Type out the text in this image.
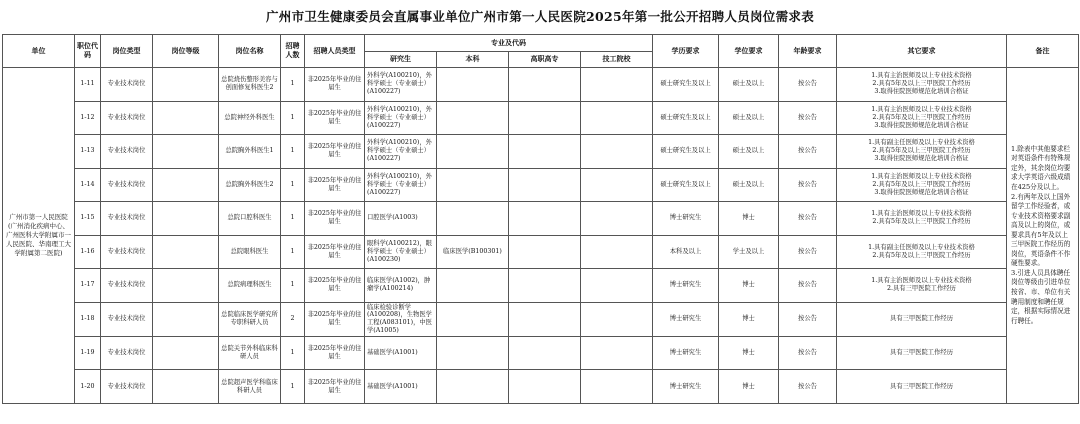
广州市卫生健康委员会直属事业单位广州市第一人民医院2025年第一批公开招聘人员岗位需求表
单位	职位代码	岗位类型	岗位等级	岗位名称	招聘人数	招聘人员类型	专业及代码				学历要求	学位要求	年龄要求	其它要求	备注
							研究生	本科	高职高专	技工院校					
广州市第一人民医院(广州消化疾病中心、广州医科大学附属市一人民医院、华南理工大学附属第二医院)	1-11	专业技术岗位		总院烧伤整形美容与创面修复科医生2	1	非2025年毕业的往届生	外科学(A100210)，外科学硕士（专业硕士）(A100227)				硕士研究生及以上	硕士及以上	按公告	1.具有主治医师及以上专业技术资格
2.具有5年及以上三甲医院工作经历
3.取得住院医师规范化培训合格证	1.除表中其他要求栏对英语条件有特殊规定外，其余岗位均要求大学英语六级成绩在425分及以上。
2.有两年及以上国外留学工作经验者，或专业技术资格要求副高及以上的岗位，或要求具有5年及以上三甲医院工作经历的岗位，英语条件不作硬性要求。
3.引进人员具体聘任岗位等级由引进单位按省、市、单位有关聘用制度和聘任规定，根据实际情况进行聘任。

	1-12	专业技术岗位		总院神经外科医生	1	非2025年毕业的往届生	外科学(A100210)，外科学硕士（专业硕士）(A100227)				硕士研究生及以上	硕士及以上	按公告	1.具有主治医师及以上专业技术资格
2.具有5年及以上三甲医院工作经历
3.取得住院医师规范化培训合格证	

	1-13	专业技术岗位		总院胸外科医生1	1	非2025年毕业的往届生	外科学(A100210)，外科学硕士（专业硕士）(A100227)				硕士研究生及以上	硕士及以上	按公告	1.具有副主任医师及以上专业技术资格
2.具有5年及以上三甲医院工作经历
3.取得住院医师规范化培训合格证	

	1-14	专业技术岗位		总院胸外科医生2	1	非2025年毕业的往届生	外科学(A100210)，外科学硕士（专业硕士）(A100227)				硕士研究生及以上	硕士及以上	按公告	1.具有主治医师及以上专业技术资格
2.具有5年及以上三甲医院工作经历
3.取得住院医师规范化培训合格证	

	1-15	专业技术岗位		总院口腔科医生	1	非2025年毕业的往届生	口腔医学(A1003)				博士研究生	博士	按公告	1.具有主治医师及以上专业技术资格
2.具有5年及以上三甲医院工作经历	

	1-16	专业技术岗位		总院眼科医生	1	非2025年毕业的往届生	眼科学(A100212)，眼科学硕士（专业硕士）(A100230)	临床医学(B100301)			本科及以上	学士及以上	按公告	1.具有副主任医师及以上专业技术资格
2.具有5年及以上三甲医院工作经历	

	1-17	专业技术岗位		总院病理科医生	1	非2025年毕业的往届生	临床医学(A1002)，肿瘤学(A100214)				博士研究生	博士	按公告	1.具有主治医师及以上专业技术资格
2.具有三甲医院工作经历	

	1-18	专业技术岗位		总院临床医学研究所专职科研人员	2	非2025年毕业的往届生	临床检验诊断学(A100208)，生物医学工程(A083101)，中医学(A1005)				博士研究生	博士	按公告	具有三甲医院工作经历	

	1-19	专业技术岗位		总院关节外科临床科研人员	1	非2025年毕业的往届生	基础医学(A1001)				博士研究生	博士	按公告	具有三甲医院工作经历	

	1-20	专业技术岗位		总院超声医学科临床科研人员	1	非2025年毕业的往届生	基础医学(A1001)				博士研究生	博士	按公告	具有三甲医院工作经历	
